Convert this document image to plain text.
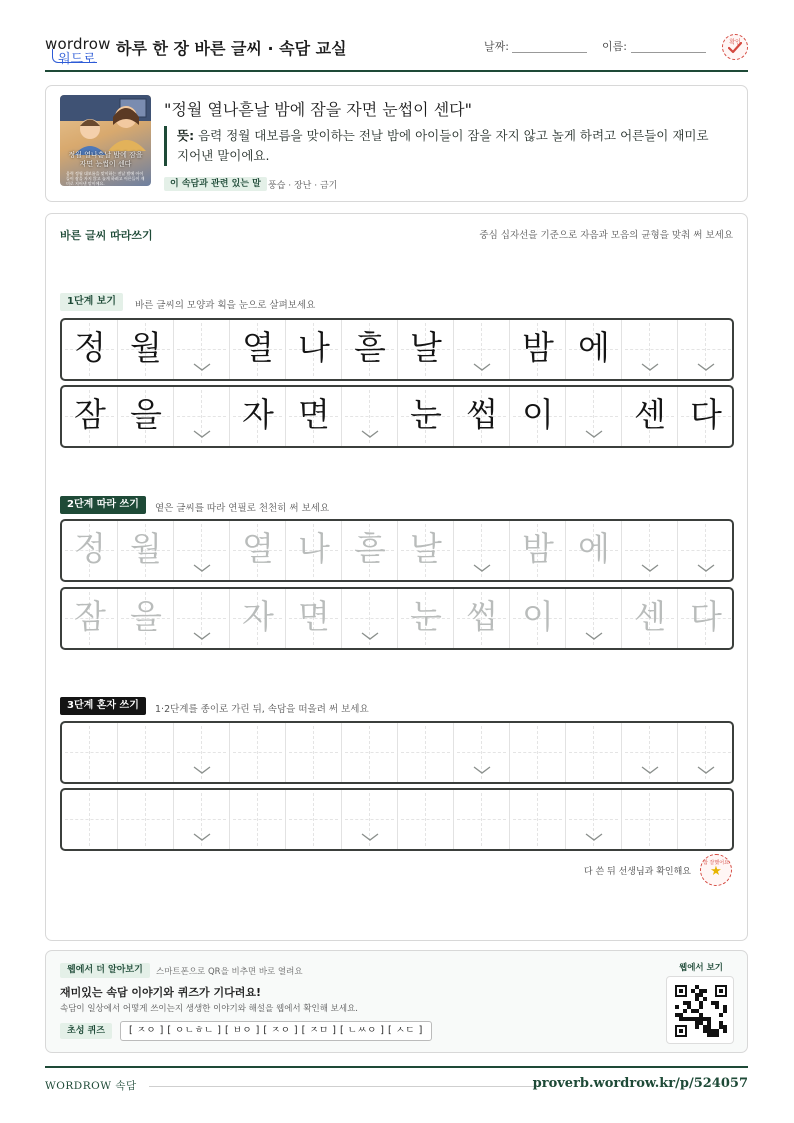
wordrow
워드로
하루 한 장 바른 글씨 · 속담 교실	날짜:	이름:	확인
정월 열나흗날 밤에 잠을 자면 눈썹이 센다
음력 정월 대보름을 맞이하는 전날 밤에 아이들이 잠을 자지 않고 놀게 하려고 어른들이 재미로 지어낸 말이에요.
"정월 열나흗날 밤에 잠을 자면 눈썹이 센다"
뜻: 음력 정월 대보름을 맞이하는 전날 밤에 아이들이 잠을 자지 않고 놀게 하려고 어른들이 재미로 지어낸 말이에요.
이 속담과 관련 있는 말 풍습 · 장난 · 금기
바른 글씨 따라쓰기	중심 십자선을 기준으로 자음과 모음의 균형을 맞춰 써 보세요
1단계 보기	바른 글씨의 모양과 획을 눈으로 살펴보세요
2단계 따라 쓰기	옅은 글씨를 따라 연필로 천천히 써 보세요
3단계 혼자 쓰기	1·2단계를 종이로 가린 뒤, 속담을 떠올려 써 보세요
다 쓴 뒤 선생님과 확인해요
참 잘했어요
★
정 월	열 나 흗 날	밤 에
잠 을	자 면	눈 썹 이	센 다
정 월	열 나 흗 날	밤 에
잠 을	자 면	눈 썹 이	센 다
웹에서 더 알아보기	스마트폰으로 QR을 비추면 바로 열려요
재미있는 속담 이야기와 퀴즈가 기다려요!
속담이 일상에서 어떻게 쓰이는지 생생한 이야기와 해설을 웹에서 확인해 보세요.
초성 퀴즈	[ ㅈㅇ ] [ ㅇㄴㅎㄴ ] [ ㅂㅇ ] [ ㅈㅇ ] [ ㅈㅁ ] [ ㄴㅆㅇ ] [ ㅅㄷ ]
웹에서 보기
WORDROW 속담	proverb.wordrow.kr/p/524057
